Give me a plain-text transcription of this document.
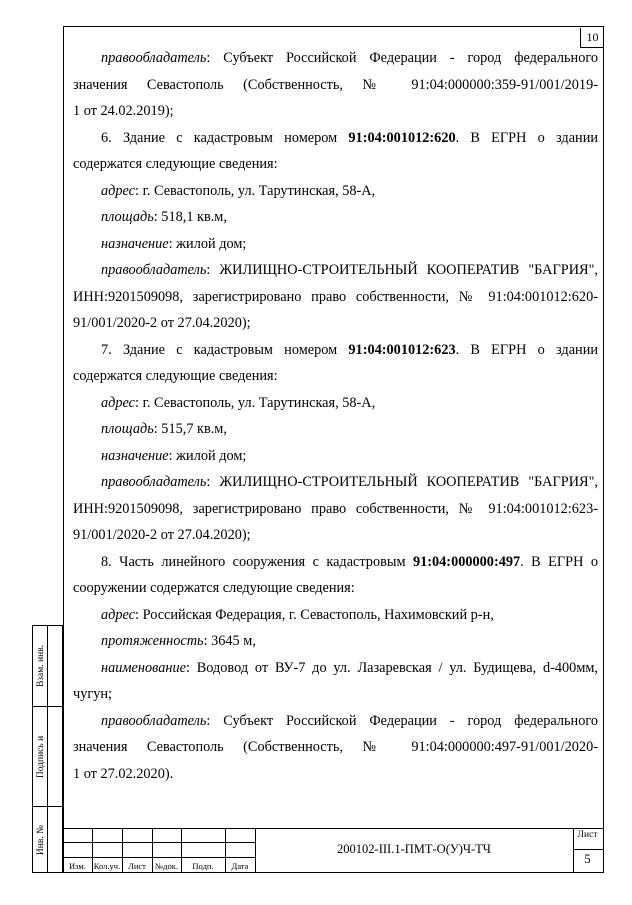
10
Взам. инв.
Подпись и
Инв. №
правообладатель: Субъект Российской Федерации - город федерального
значения Севастополь (Собственность, № 91:04:000000:359-91/001/2019-
1 от 24.02.2019);
6. Здание с кадастровым номером 91:04:001012:620. В ЕГРН о здании
содержатся следующие сведения:
адрес: г. Севастополь, ул. Тарутинская, 58-А,
площадь: 518,1 кв.м,
назначение: жилой дом;
правообладатель: ЖИЛИЩНО-СТРОИТЕЛЬНЫЙ КООПЕРАТИВ "БАГРИЯ",
ИНН:9201509098, зарегистрировано право собственности, № 91:04:001012:620-
91/001/2020-2 от 27.04.2020);
7. Здание с кадастровым номером 91:04:001012:623. В ЕГРН о здании
содержатся следующие сведения:
адрес: г. Севастополь, ул. Тарутинская, 58-А,
площадь: 515,7 кв.м,
назначение: жилой дом;
правообладатель: ЖИЛИЩНО-СТРОИТЕЛЬНЫЙ КООПЕРАТИВ "БАГРИЯ",
ИНН:9201509098, зарегистрировано право собственности, № 91:04:001012:623-
91/001/2020-2 от 27.04.2020);
8. Часть линейного сооружения с кадастровым 91:04:000000:497. В ЕГРН о
сооружении содержатся следующие сведения:
адрес: Российская Федерация, г. Севастополь, Нахимовский р-н,
протяженность: 3645 м,
наименование: Водовод от ВУ-7 до ул. Лазаревская / ул. Будищева, d-400мм,
чугун;
правообладатель: Субъект Российской Федерации - город федерального
значения Севастополь (Собственность, № 91:04:000000:497-91/001/2020-
1 от 27.02.2020).
Изм. Кол.уч. Лист	№док.	Подп.	Дата
200102-III.1-ПМТ-О(У)Ч-ТЧ
Лист
5
